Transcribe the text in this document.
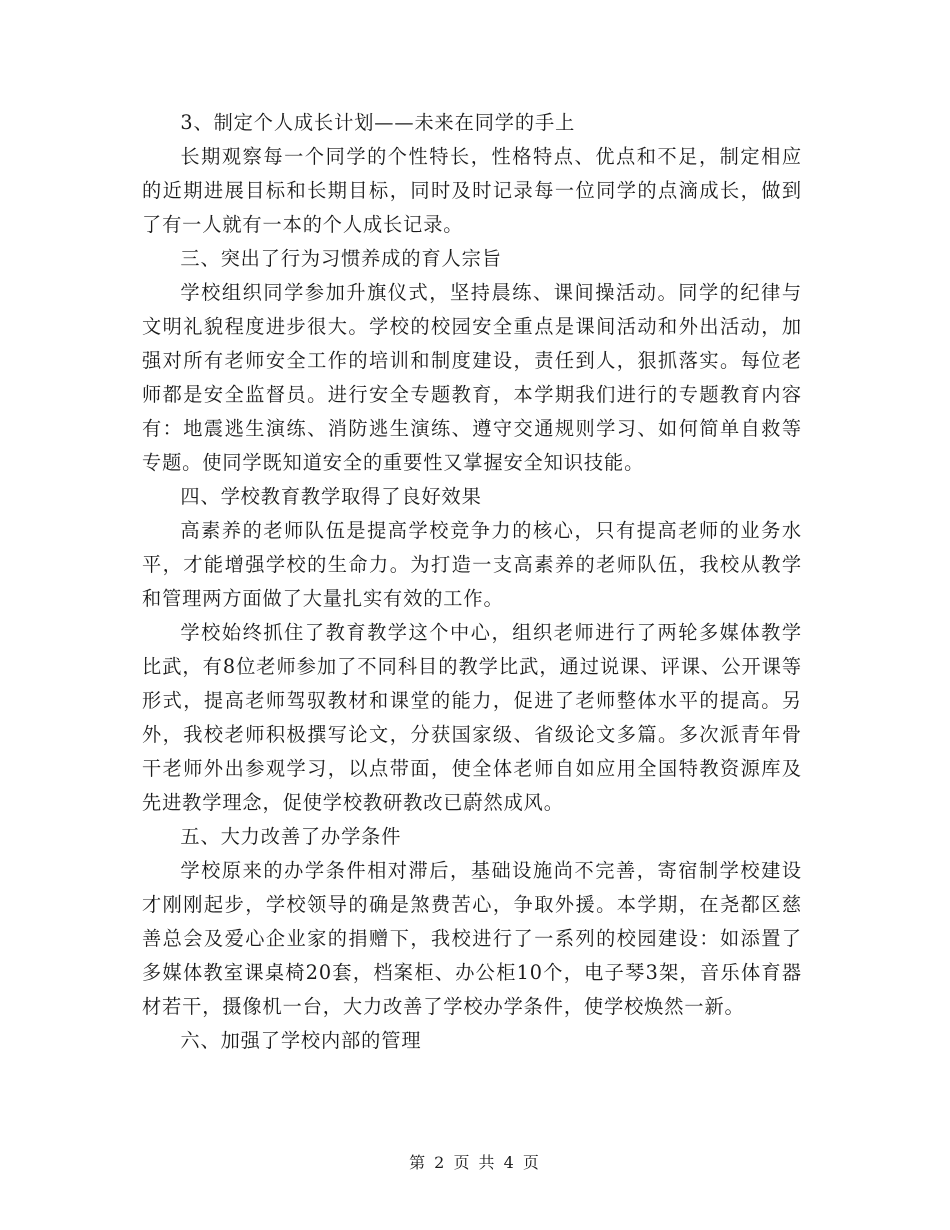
3、制定个人成长计划——未来在同学的手上

长期观察每一个同学的个性特长，性格特点、优点和不足，制定相应的近期进展目标和长期目标，同时及时记录每一位同学的点滴成长，做到了有一人就有一本的个人成长记录。

三、突出了行为习惯养成的育人宗旨

学校组织同学参加升旗仪式，坚持晨练、课间操活动。同学的纪律与文明礼貌程度进步很大。学校的校园安全重点是课间活动和外出活动，加强对所有老师安全工作的培训和制度建设，责任到人，狠抓落实。每位老师都是安全监督员。进行安全专题教育，本学期我们进行的专题教育内容有：地震逃生演练、消防逃生演练、遵守交通规则学习、如何简单自救等专题。使同学既知道安全的重要性又掌握安全知识技能。

四、学校教育教学取得了良好效果

高素养的老师队伍是提高学校竞争力的核心，只有提高老师的业务水平，才能增强学校的生命力。为打造一支高素养的老师队伍，我校从教学和管理两方面做了大量扎实有效的工作。

学校始终抓住了教育教学这个中心，组织老师进行了两轮多媒体教学比武，有8位老师参加了不同科目的教学比武，通过说课、评课、公开课等形式，提高老师驾驭教材和课堂的能力，促进了老师整体水平的提高。另外，我校老师积极撰写论文，分获国家级、省级论文多篇。多次派青年骨干老师外出参观学习，以点带面，使全体老师自如应用全国特教资源库及先进教学理念，促使学校教研教改已蔚然成风。

五、大力改善了办学条件

学校原来的办学条件相对滞后，基础设施尚不完善，寄宿制学校建设才刚刚起步，学校领导的确是煞费苦心，争取外援。本学期，在尧都区慈善总会及爱心企业家的捐赠下，我校进行了一系列的校园建设：如添置了多媒体教室课桌椅20套，档案柜、办公柜10个，电子琴3架，音乐体育器材若干，摄像机一台，大力改善了学校办学条件，使学校焕然一新。

六、加强了学校内部的管理

第 2 页 共 4 页
